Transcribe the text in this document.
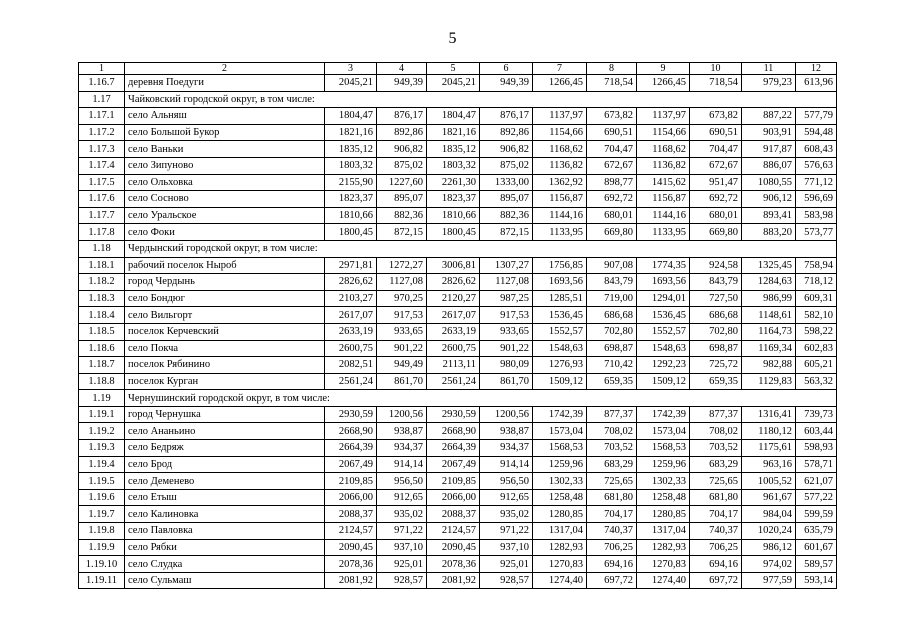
5
1	2	3	4	5	6	7	8	9	10	11	12
1.16.7	деревня Поедуги	2045,21	949,39	2045,21	949,39	1266,45	718,54	1266,45	718,54	979,23	613,96
1.17	Чайковский городской округ, в том числе:										
1.17.1	село Альняш	1804,47	876,17	1804,47	876,17	1137,97	673,82	1137,97	673,82	887,22	577,79
1.17.2	село Большой Букор	1821,16	892,86	1821,16	892,86	1154,66	690,51	1154,66	690,51	903,91	594,48
1.17.3	село Ваньки	1835,12	906,82	1835,12	906,82	1168,62	704,47	1168,62	704,47	917,87	608,43
1.17.4	село Зипуново	1803,32	875,02	1803,32	875,02	1136,82	672,67	1136,82	672,67	886,07	576,63
1.17.5	село Ольховка	2155,90	1227,60	2261,30	1333,00	1362,92	898,77	1415,62	951,47	1080,55	771,12
1.17.6	село Сосново	1823,37	895,07	1823,37	895,07	1156,87	692,72	1156,87	692,72	906,12	596,69
1.17.7	село Уральское	1810,66	882,36	1810,66	882,36	1144,16	680,01	1144,16	680,01	893,41	583,98
1.17.8	село Фоки	1800,45	872,15	1800,45	872,15	1133,95	669,80	1133,95	669,80	883,20	573,77
1.18	Чердынский городской округ, в том числе:										
1.18.1	рабочий поселок Ныроб	2971,81	1272,27	3006,81	1307,27	1756,85	907,08	1774,35	924,58	1325,45	758,94
1.18.2	город Чердынь	2826,62	1127,08	2826,62	1127,08	1693,56	843,79	1693,56	843,79	1284,63	718,12
1.18.3	село Бондюг	2103,27	970,25	2120,27	987,25	1285,51	719,00	1294,01	727,50	986,99	609,31
1.18.4	село Вильгорт	2617,07	917,53	2617,07	917,53	1536,45	686,68	1536,45	686,68	1148,61	582,10
1.18.5	поселок Керчевский	2633,19	933,65	2633,19	933,65	1552,57	702,80	1552,57	702,80	1164,73	598,22
1.18.6	село Покча	2600,75	901,22	2600,75	901,22	1548,63	698,87	1548,63	698,87	1169,34	602,83
1.18.7	поселок Рябинино	2082,51	949,49	2113,11	980,09	1276,93	710,42	1292,23	725,72	982,88	605,21
1.18.8	поселок Курган	2561,24	861,70	2561,24	861,70	1509,12	659,35	1509,12	659,35	1129,83	563,32
1.19	Чернушинский городской округ, в том числе:										
1.19.1	город Чернушка	2930,59	1200,56	2930,59	1200,56	1742,39	877,37	1742,39	877,37	1316,41	739,73
1.19.2	село Ананьино	2668,90	938,87	2668,90	938,87	1573,04	708,02	1573,04	708,02	1180,12	603,44
1.19.3	село Бедряж	2664,39	934,37	2664,39	934,37	1568,53	703,52	1568,53	703,52	1175,61	598,93
1.19.4	село Брод	2067,49	914,14	2067,49	914,14	1259,96	683,29	1259,96	683,29	963,16	578,71
1.19.5	село Деменево	2109,85	956,50	2109,85	956,50	1302,33	725,65	1302,33	725,65	1005,52	621,07
1.19.6	село Етыш	2066,00	912,65	2066,00	912,65	1258,48	681,80	1258,48	681,80	961,67	577,22
1.19.7	село Калиновка	2088,37	935,02	2088,37	935,02	1280,85	704,17	1280,85	704,17	984,04	599,59
1.19.8	село Павловка	2124,57	971,22	2124,57	971,22	1317,04	740,37	1317,04	740,37	1020,24	635,79
1.19.9	село Рябки	2090,45	937,10	2090,45	937,10	1282,93	706,25	1282,93	706,25	986,12	601,67
1.19.10	село Слудка	2078,36	925,01	2078,36	925,01	1270,83	694,16	1270,83	694,16	974,02	589,57
1.19.11	село Сульмаш	2081,92	928,57	2081,92	928,57	1274,40	697,72	1274,40	697,72	977,59	593,14
